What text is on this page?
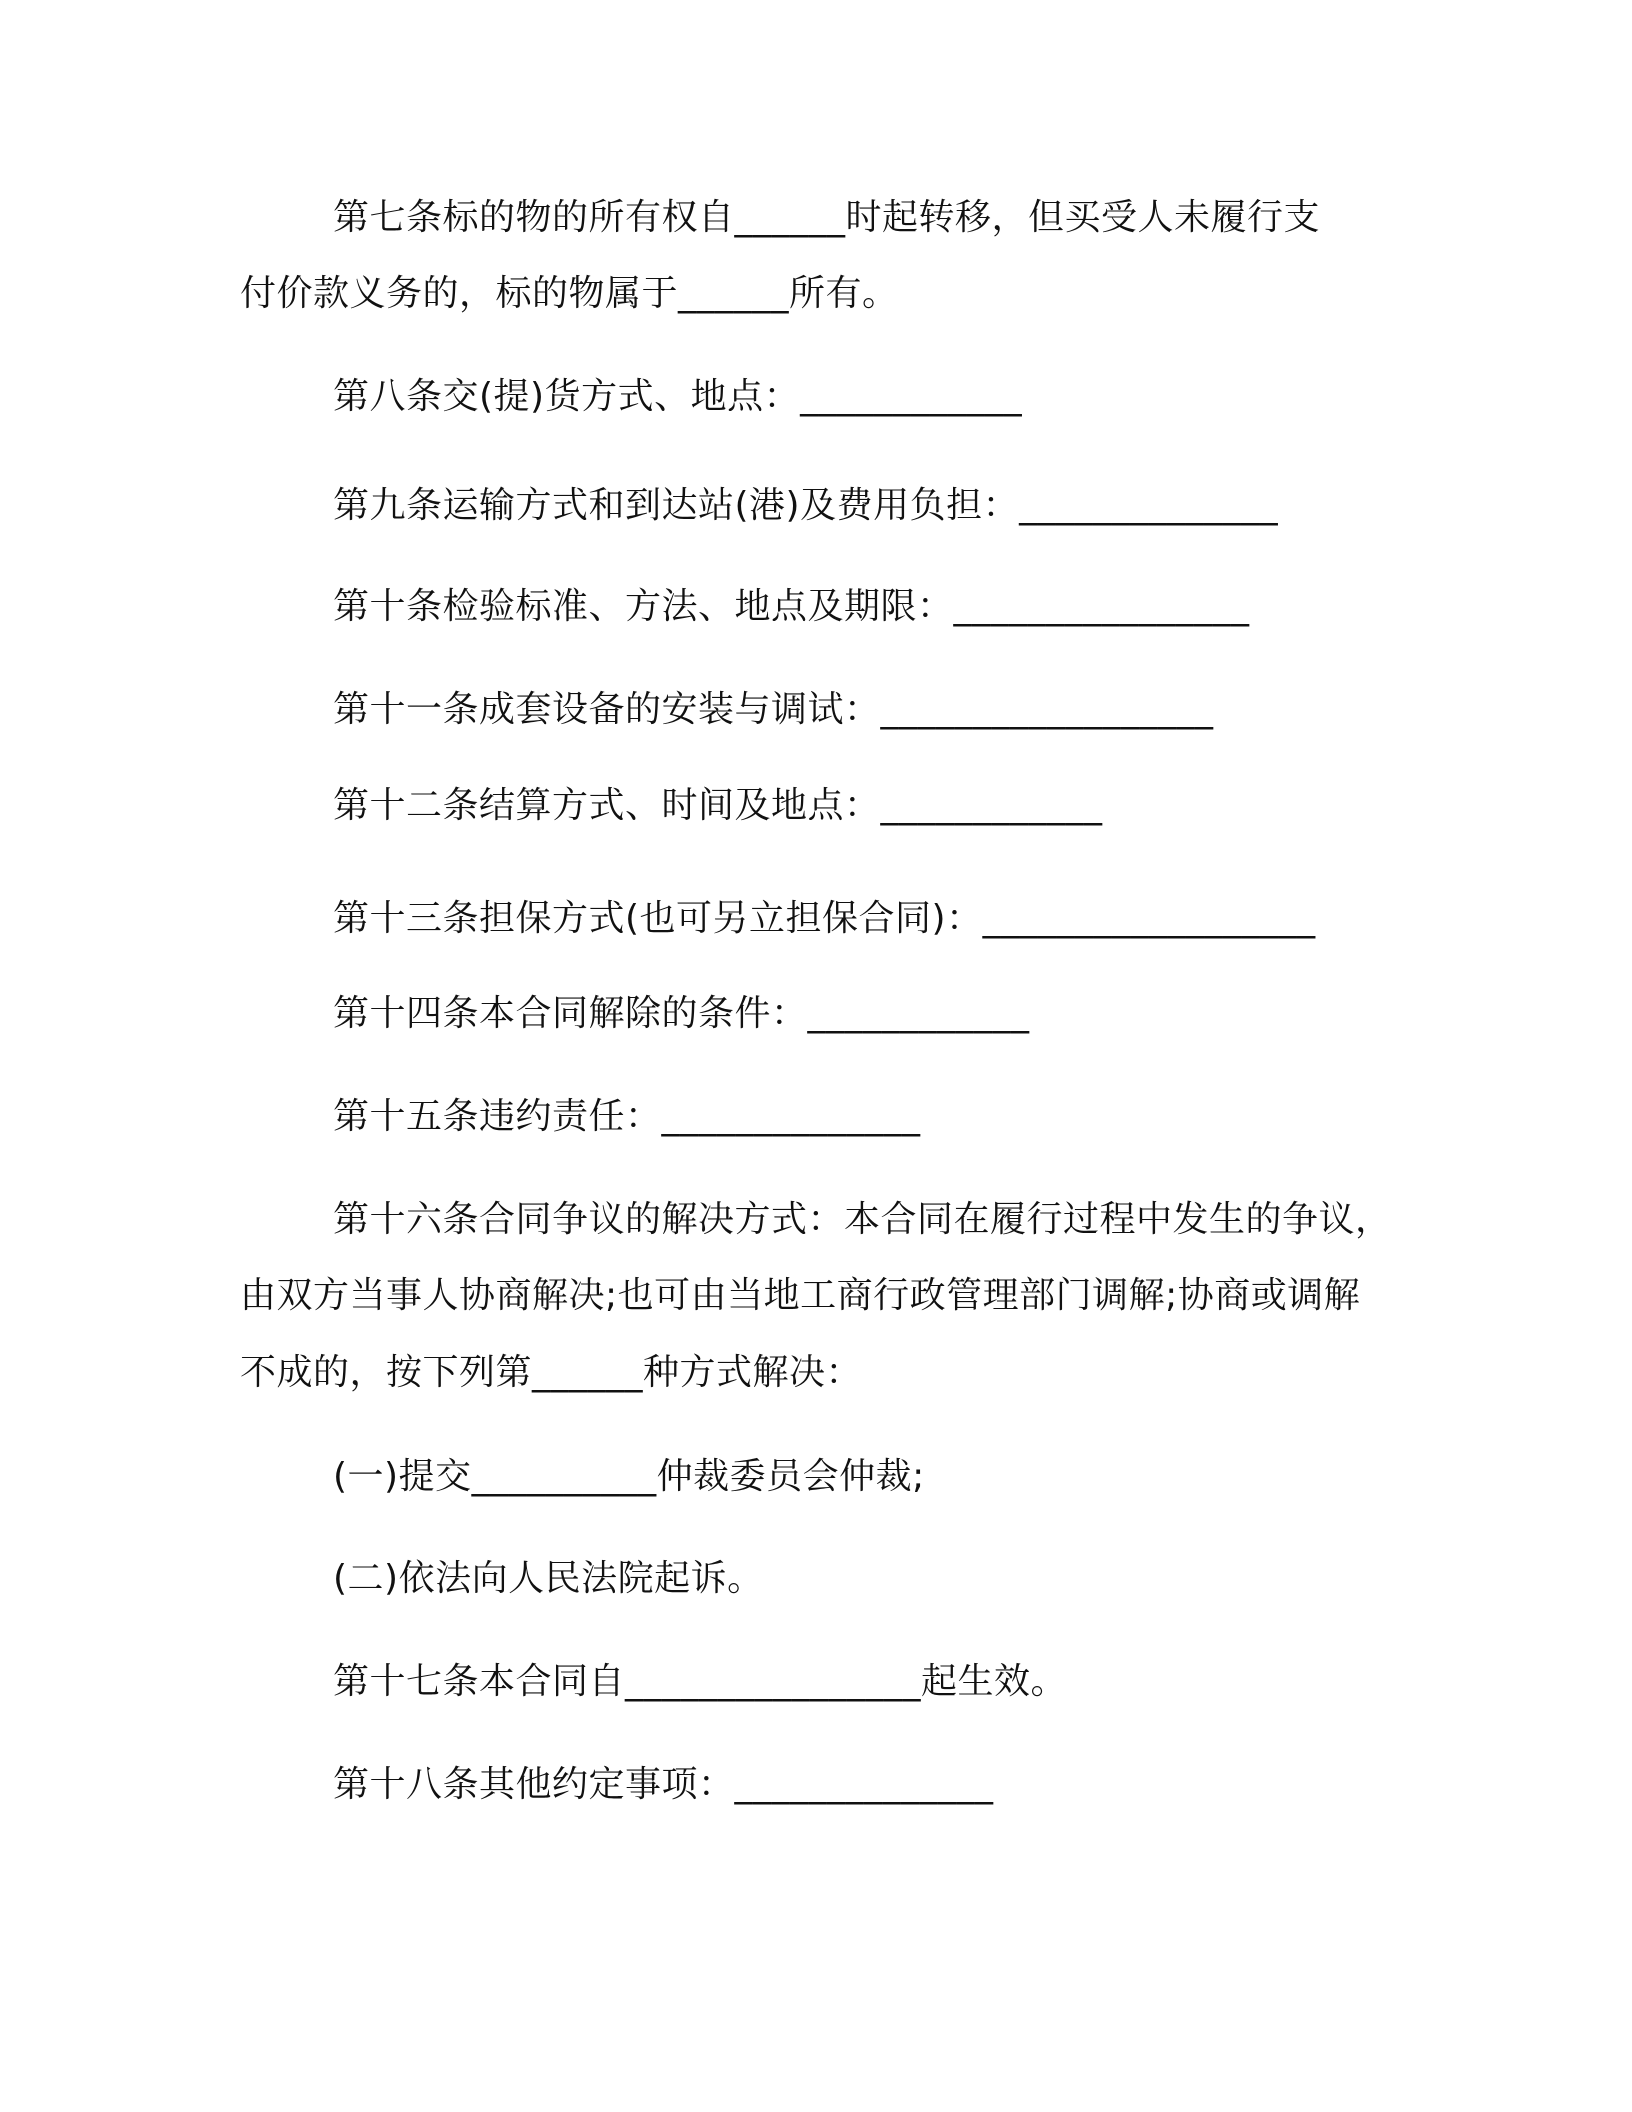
第七条标的物的所有权自______时起转移，但买受人未履行支
付价款义务的，标的物属于______所有。
第八条交(提)货方式、地点：____________
第九条运输方式和到达站(港)及费用负担：______________
第十条检验标准、方法、地点及期限：________________
第十一条成套设备的安装与调试：__________________
第十二条结算方式、时间及地点：____________
第十三条担保方式(也可另立担保合同)：__________________
第十四条本合同解除的条件：____________
第十五条违约责任：______________
第十六条合同争议的解决方式：本合同在履行过程中发生的争议，
由双方当事人协商解决;也可由当地工商行政管理部门调解;协商或调解
不成的，按下列第______种方式解决：
(一)提交__________仲裁委员会仲裁;
(二)依法向人民法院起诉。
第十七条本合同自________________起生效。
第十八条其他约定事项：______________
